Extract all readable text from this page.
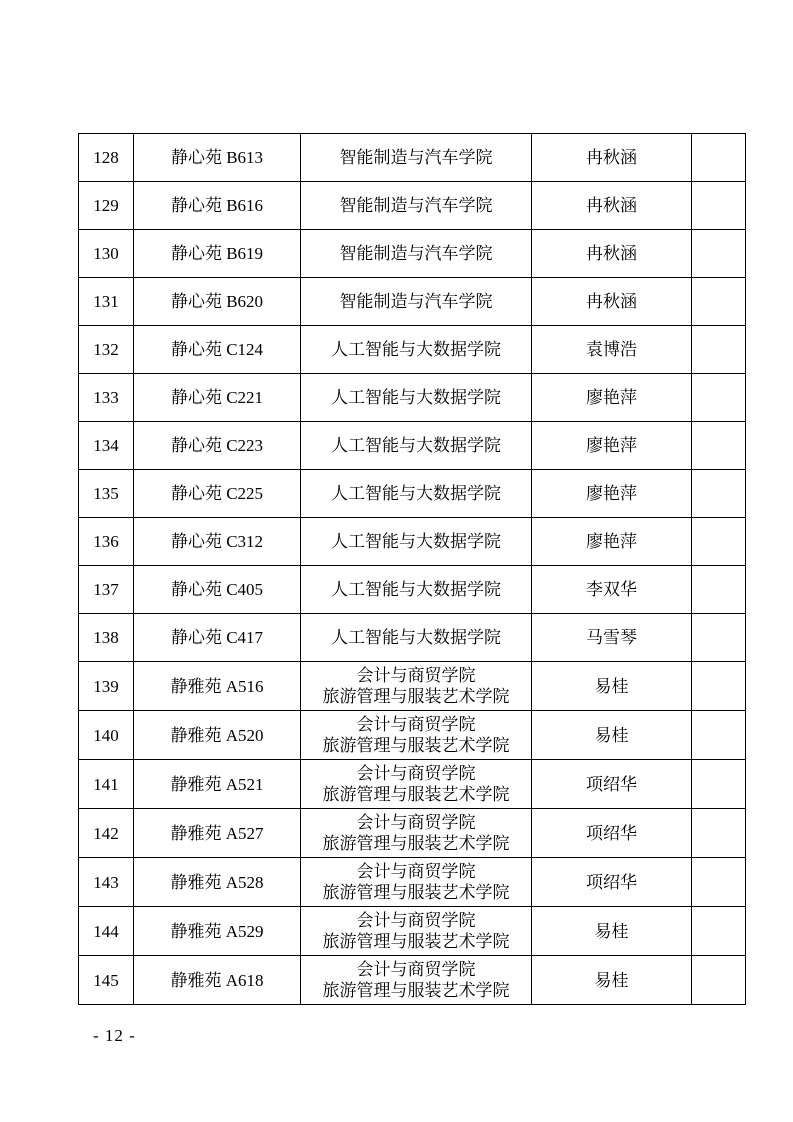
128	静心苑 B613	智能制造与汽车学院	冉秋涵	
129	静心苑 B616	智能制造与汽车学院	冉秋涵	
130	静心苑 B619	智能制造与汽车学院	冉秋涵	
131	静心苑 B620	智能制造与汽车学院	冉秋涵	
132	静心苑 C124	人工智能与大数据学院	袁博浩	
133	静心苑 C221	人工智能与大数据学院	廖艳萍	
134	静心苑 C223	人工智能与大数据学院	廖艳萍	
135	静心苑 C225	人工智能与大数据学院	廖艳萍	
136	静心苑 C312	人工智能与大数据学院	廖艳萍	
137	静心苑 C405	人工智能与大数据学院	李双华	
138	静心苑 C417	人工智能与大数据学院	马雪琴	
139	静雅苑 A516	会计与商贸学院
旅游管理与服装艺术学院	易桂	
140	静雅苑 A520	会计与商贸学院
旅游管理与服装艺术学院	易桂	
141	静雅苑 A521	会计与商贸学院
旅游管理与服装艺术学院	项绍华	
142	静雅苑 A527	会计与商贸学院
旅游管理与服装艺术学院	项绍华	
143	静雅苑 A528	会计与商贸学院
旅游管理与服装艺术学院	项绍华	
144	静雅苑 A529	会计与商贸学院
旅游管理与服装艺术学院	易桂	
145	静雅苑 A618	会计与商贸学院
旅游管理与服装艺术学院	易桂	
- 12 -
